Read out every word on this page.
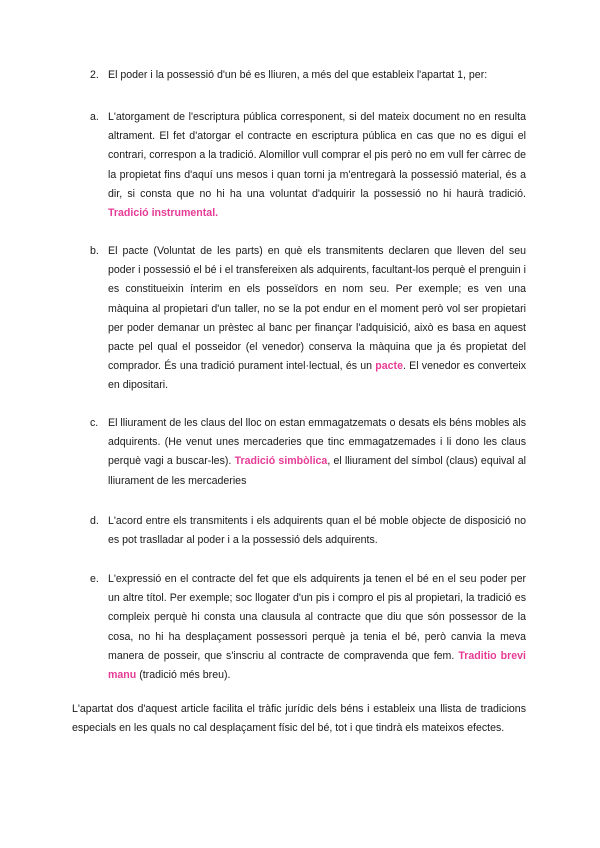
2. El poder i la possessió d'un bé es lliuren, a més del que estableix l'apartat 1, per:
a. L'atorgament de l'escriptura pública corresponent, si del mateix document no en resulta altrament. El fet d'atorgar el contracte en escriptura pública en cas que no es digui el contrari, correspon a la tradició. Alomillor vull comprar el pis però no em vull fer càrrec de la propietat fins d'aquí uns mesos i quan torni ja m'entregarà la possessió material, és a dir, si consta que no hi ha una voluntat d'adquirir la possessió no hi haurà tradició. Tradició instrumental.
b. El pacte (Voluntat de les parts) en què els transmitents declaren que lleven del seu poder i possessió el bé i el transfereixen als adquirents, facultant-los perquè el prenguin i es constitueixin ínterim en els posseïdors en nom seu. Per exemple; es ven una màquina al propietari d'un taller, no se la pot endur en el moment però vol ser propietari per poder demanar un prèstec al banc per finançar l'adquisició, això es basa en aquest pacte pel qual el posseidor (el venedor) conserva la màquina que ja és propietat del comprador. És una tradició purament intel·lectual, és un pacte. El venedor es converteix en dipositari.
c. El lliurament de les claus del lloc on estan emmagatzemats o desats els béns mobles als adquirents. (He venut unes mercaderies que tinc emmagatzemades i li dono les claus perquè vagi a buscar-les). Tradició simbòlica, el lliurament del símbol (claus) equival al lliurament de les mercaderies
d. L'acord entre els transmitents i els adquirents quan el bé moble objecte de disposició no es pot traslladar al poder i a la possessió dels adquirents.
e. L'expressió en el contracte del fet que els adquirents ja tenen el bé en el seu poder per un altre títol. Per exemple; soc llogater d'un pis i compro el pis al propietari, la tradició es compleix perquè hi consta una clausula al contracte que diu que són possessor de la cosa, no hi ha desplaçament possessori perquè ja tenia el bé, però canvia la meva manera de posseir, que s'inscriu al contracte de compravenda que fem. Traditio brevi manu (tradició més breu).
L'apartat dos d'aquest article facilita el tràfic jurídic dels béns i estableix una llista de tradicions especials en les quals no cal desplaçament físic del bé, tot i que tindrà els mateixos efectes.
